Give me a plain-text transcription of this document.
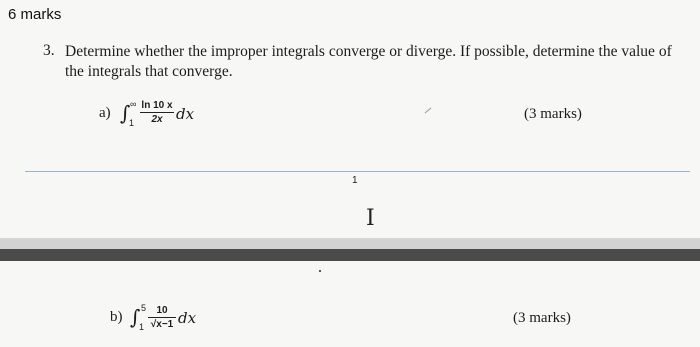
6 marks
3. Determine whether the improper integrals converge or diverge. If possible, determine the value of the integrals that converge.
a) ∫ ∞
$1 \frac{\ln 10 x}{2x}$ dx	(3 marks)
1
I
b) ∫ 5
$1 \frac{10}{√x-1}$ dx	(3 marks)
